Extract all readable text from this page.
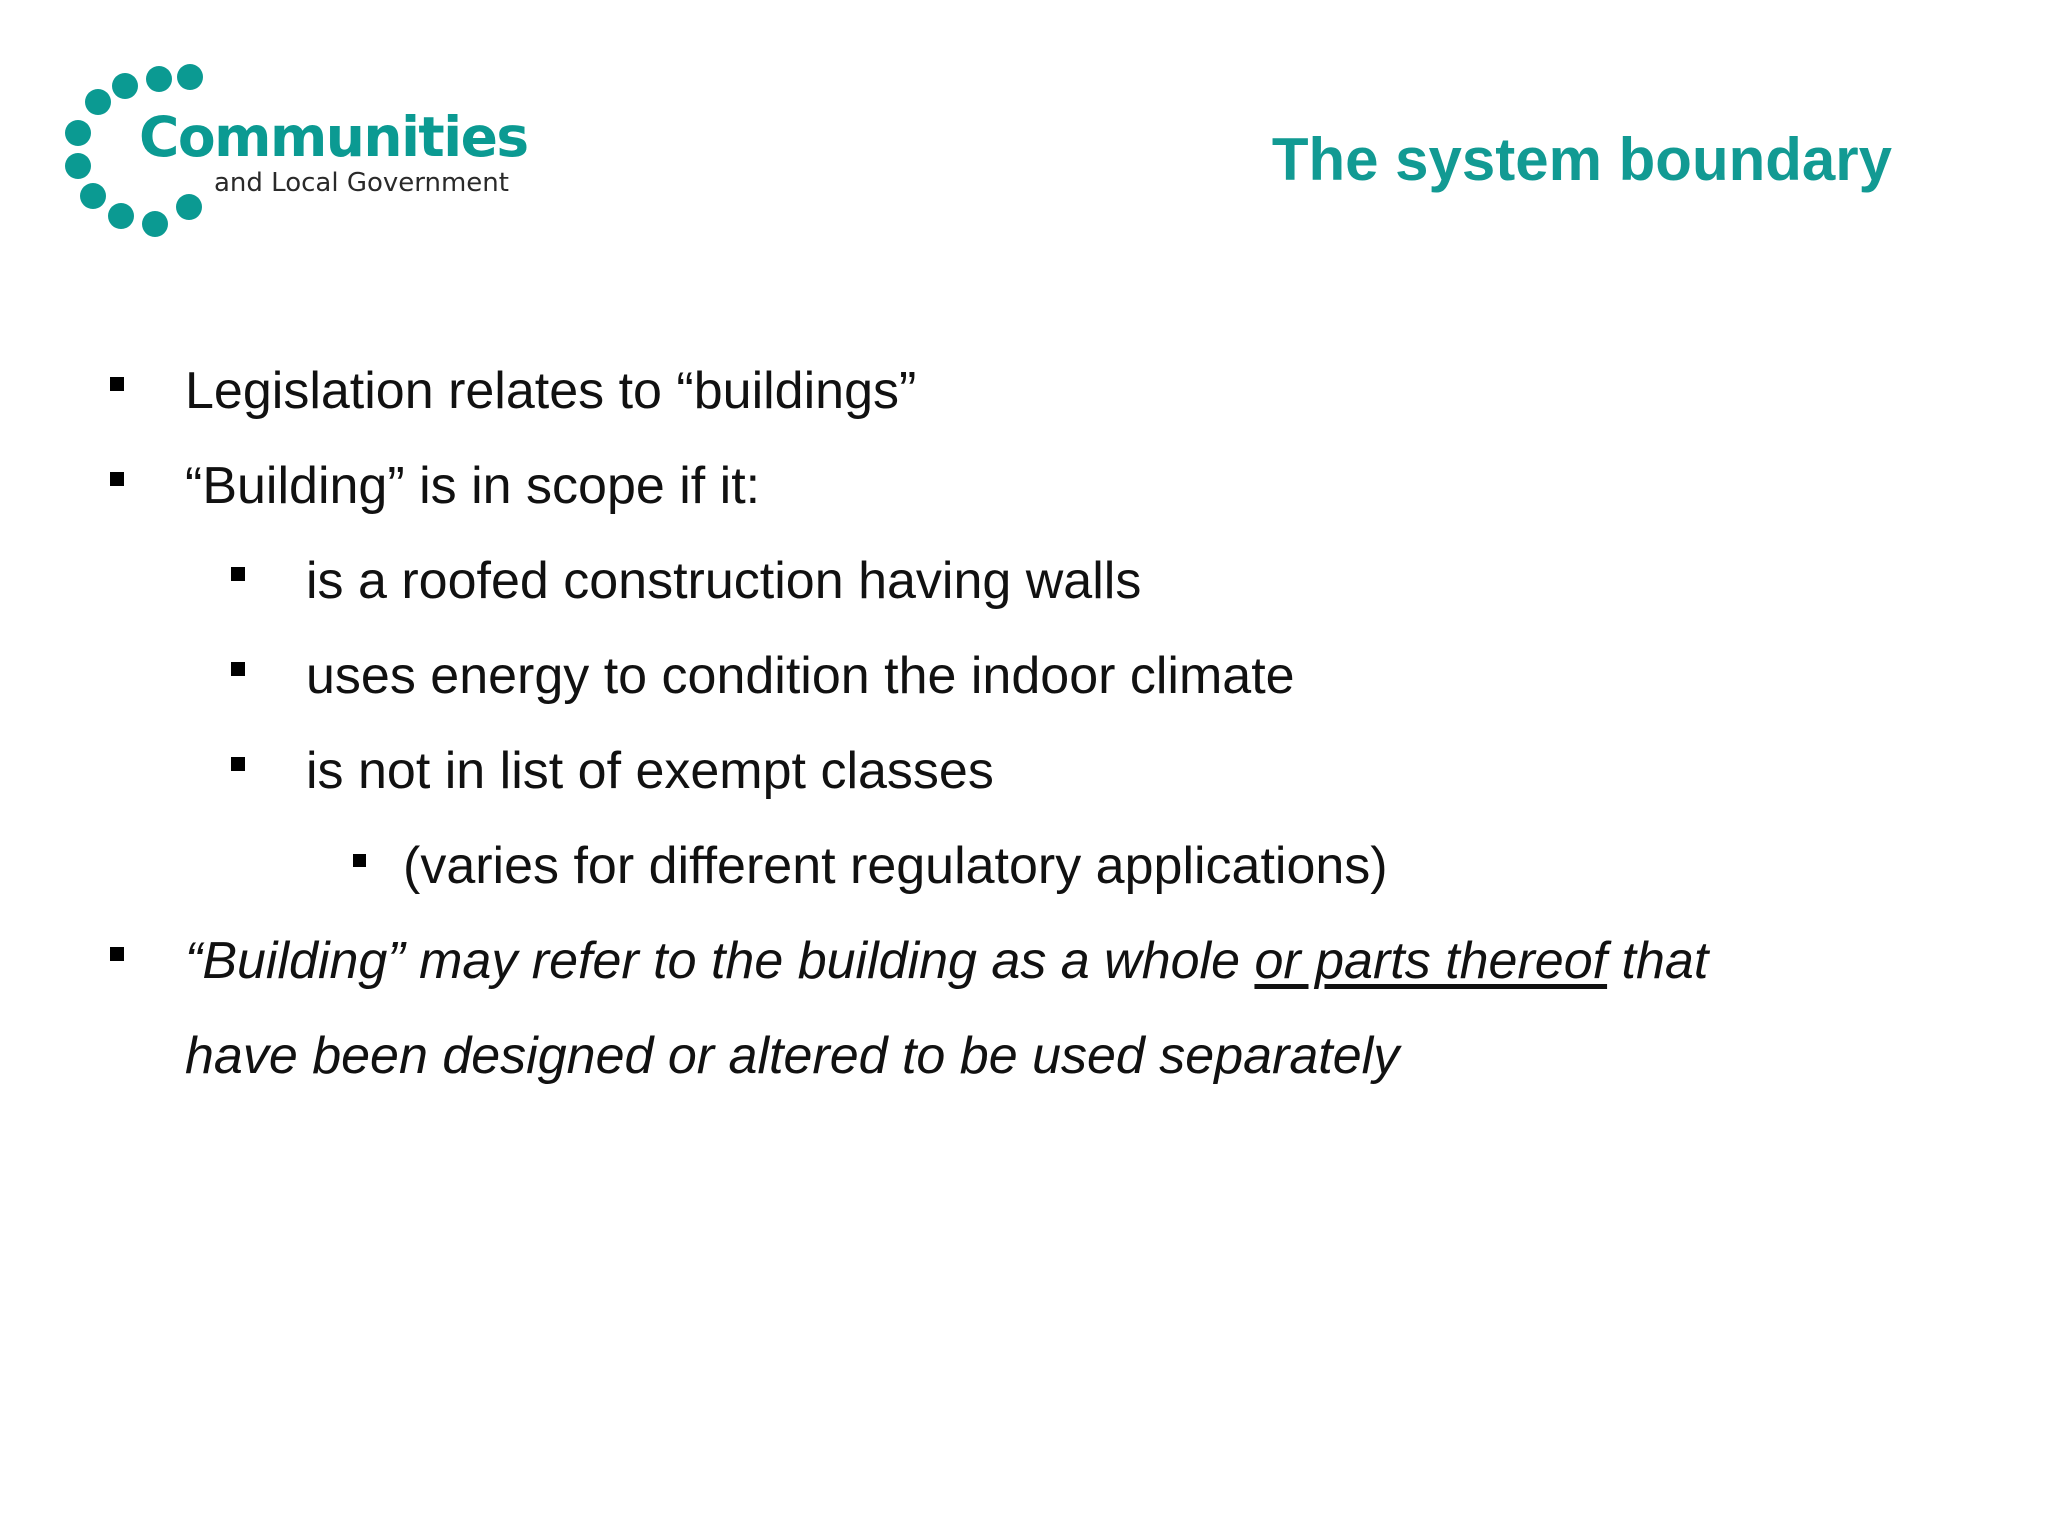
Communities
and Local Government	The system boundary
Legislation relates to “buildings”
“Building” is in scope if it:
is a roofed construction having walls
uses energy to condition the indoor climate
is not in list of exempt classes
(varies for different regulatory applications)
“Building” may refer to the building as a whole or parts thereof that
have been designed or altered to be used separately
